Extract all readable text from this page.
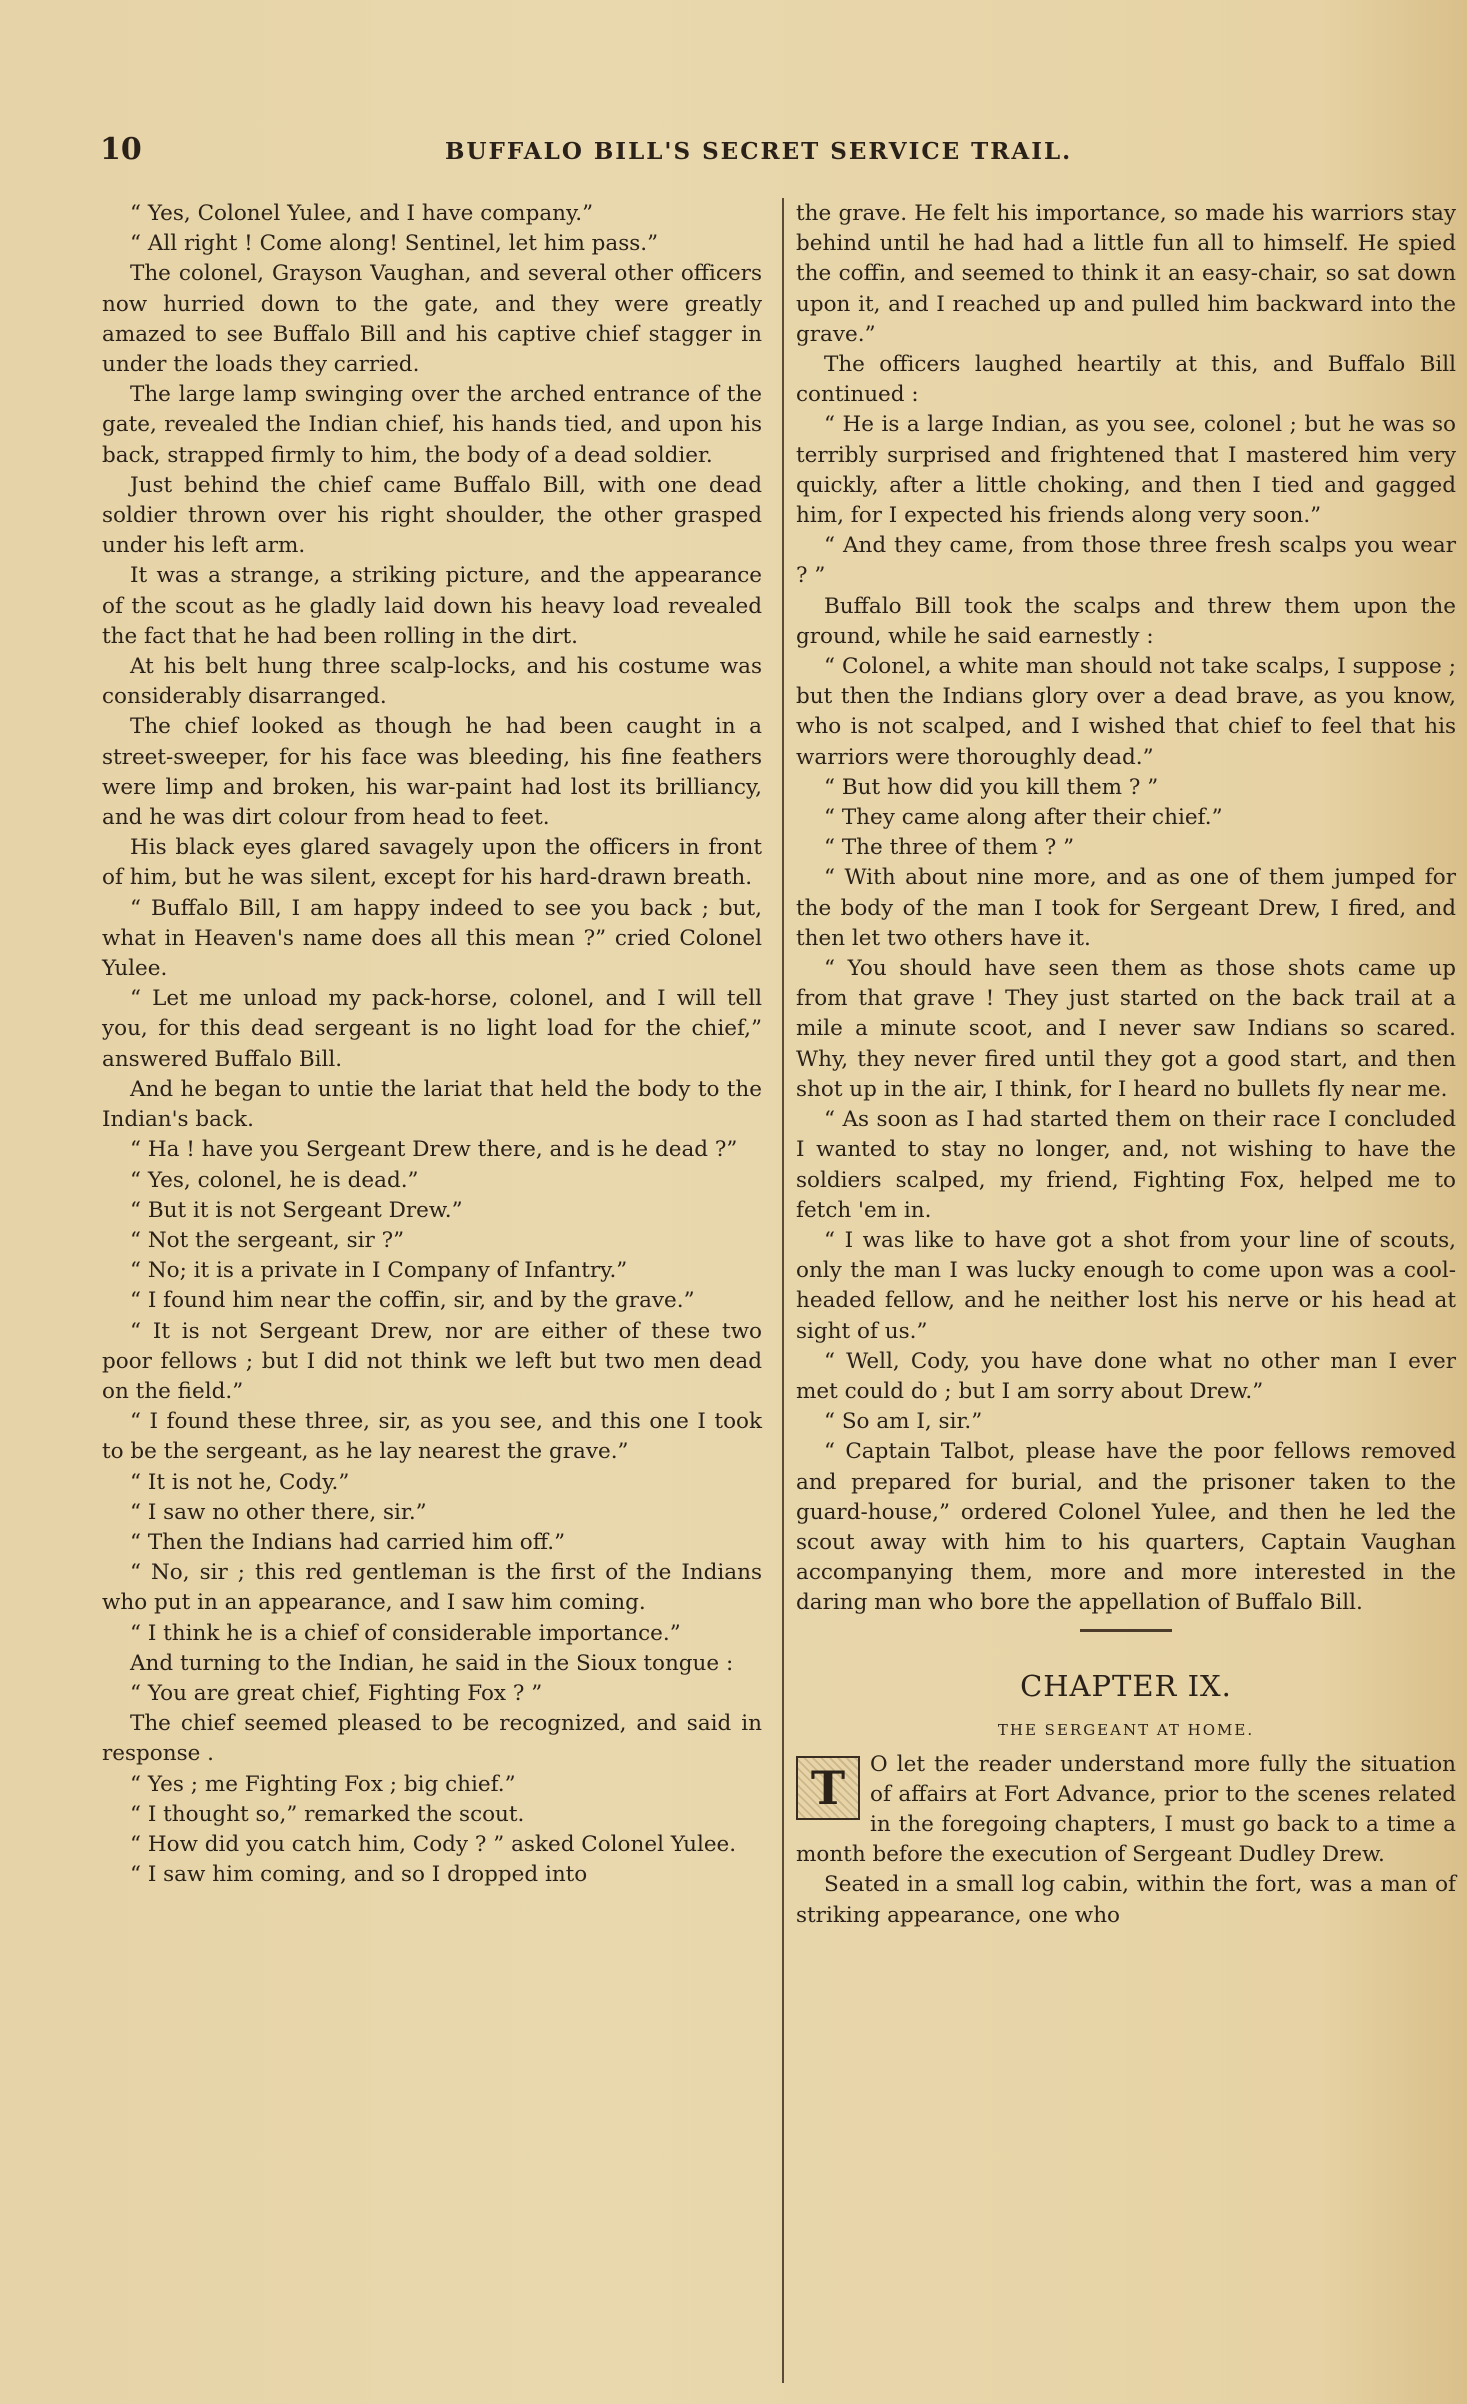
10	BUFFALO BILL'S SECRET SERVICE TRAIL.

“ Yes, Colonel Yulee, and I have company.”

“ All right ! Come along! Sentinel, let him pass.”

The colonel, Grayson Vaughan, and several other officers now hurried down to the gate, and they were greatly amazed to see Buffalo Bill and his captive chief stagger in under the loads they carried.

The large lamp swinging over the arched entrance of the gate, revealed the Indian chief, his hands tied, and upon his back, strapped firmly to him, the body of a dead soldier.

Just behind the chief came Buffalo Bill, with one dead soldier thrown over his right shoulder, the other grasped under his left arm.

It was a strange, a striking picture, and the appearance of the scout as he gladly laid down his heavy load revealed the fact that he had been rolling in the dirt.

At his belt hung three scalp-locks, and his costume was considerably disarranged.

The chief looked as though he had been caught in a street-sweeper, for his face was bleeding, his fine feathers were limp and broken, his war-paint had lost its brilliancy, and he was dirt colour from head to feet.

His black eyes glared savagely upon the officers in front of him, but he was silent, except for his hard-drawn breath.

“ Buffalo Bill, I am happy indeed to see you back ; but, what in Heaven's name does all this mean ?” cried Colonel Yulee.

“ Let me unload my pack-horse, colonel, and I will tell you, for this dead sergeant is no light load for the chief,” answered Buffalo Bill.

And he began to untie the lariat that held the body to the Indian's back.

“ Ha ! have you Sergeant Drew there, and is he dead ?”

“ Yes, colonel, he is dead.”

“ But it is not Sergeant Drew.”

“ Not the sergeant, sir ?”

“ No; it is a private in I Company of Infantry.”

“ I found him near the coffin, sir, and by the grave.”

“ It is not Sergeant Drew, nor are either of these two poor fellows ; but I did not think we left but two men dead on the field.”

“ I found these three, sir, as you see, and this one I took to be the sergeant, as he lay nearest the grave.”

“ It is not he, Cody.”

“ I saw no other there, sir.”

“ Then the Indians had carried him off.”

“ No, sir ; this red gentleman is the first of the Indians who put in an appearance, and I saw him coming.

“ I think he is a chief of considerable importance.”

And turning to the Indian, he said in the Sioux tongue :

“ You are great chief, Fighting Fox ? ”

The chief seemed pleased to be recognized, and said in response .

“ Yes ; me Fighting Fox ; big chief.”

“ I thought so,” remarked the scout.

“ How did you catch him, Cody ? ” asked Colonel Yulee.

“ I saw him coming, and so I dropped into

the grave. He felt his importance, so made his warriors stay behind until he had had a little fun all to himself. He spied the coffin, and seemed to think it an easy-chair, so sat down upon it, and I reached up and pulled him backward into the grave.”

The officers laughed heartily at this, and Buffalo Bill continued :

“ He is a large Indian, as you see, colonel ; but he was so terribly surprised and frightened that I mastered him very quickly, after a little choking, and then I tied and gagged him, for I expected his friends along very soon.”

“ And they came, from those three fresh scalps you wear ? ”

Buffalo Bill took the scalps and threw them upon the ground, while he said earnestly :

“ Colonel, a white man should not take scalps, I suppose ; but then the Indians glory over a dead brave, as you know, who is not scalped, and I wished that chief to feel that his warriors were thoroughly dead.”

“ But how did you kill them ? ”

“ They came along after their chief.”

“ The three of them ? ”

“ With about nine more, and as one of them jumped for the body of the man I took for Sergeant Drew, I fired, and then let two others have it.

“ You should have seen them as those shots came up from that grave ! They just started on the back trail at a mile a minute scoot, and I never saw Indians so scared. Why, they never fired until they got a good start, and then shot up in the air, I think, for I heard no bullets fly near me.

“ As soon as I had started them on their race I concluded I wanted to stay no longer, and, not wishing to have the soldiers scalped, my friend, Fighting Fox, helped me to fetch 'em in.

“ I was like to have got a shot from your line of scouts, only the man I was lucky enough to come upon was a cool-headed fellow, and he neither lost his nerve or his head at sight of us.”

“ Well, Cody, you have done what no other man I ever met could do ; but I am sorry about Drew.”

“ So am I, sir.”

“ Captain Talbot, please have the poor fellows removed and prepared for burial, and the prisoner taken to the guard-house,” ordered Colonel Yulee, and then he led the scout away with him to his quarters, Captain Vaughan accompanying them, more and more interested in the daring man who bore the appellation of Buffalo Bill.

CHAPTER IX.
THE SERGEANT AT HOME.
T	O let the reader understand more fully the situation of affairs at Fort Advance, prior to the scenes related in the foregoing chapters, I must go back to a time a month before the execution of Sergeant Dudley Drew.

Seated in a small log cabin, within the fort, was a man of striking appearance, one who
